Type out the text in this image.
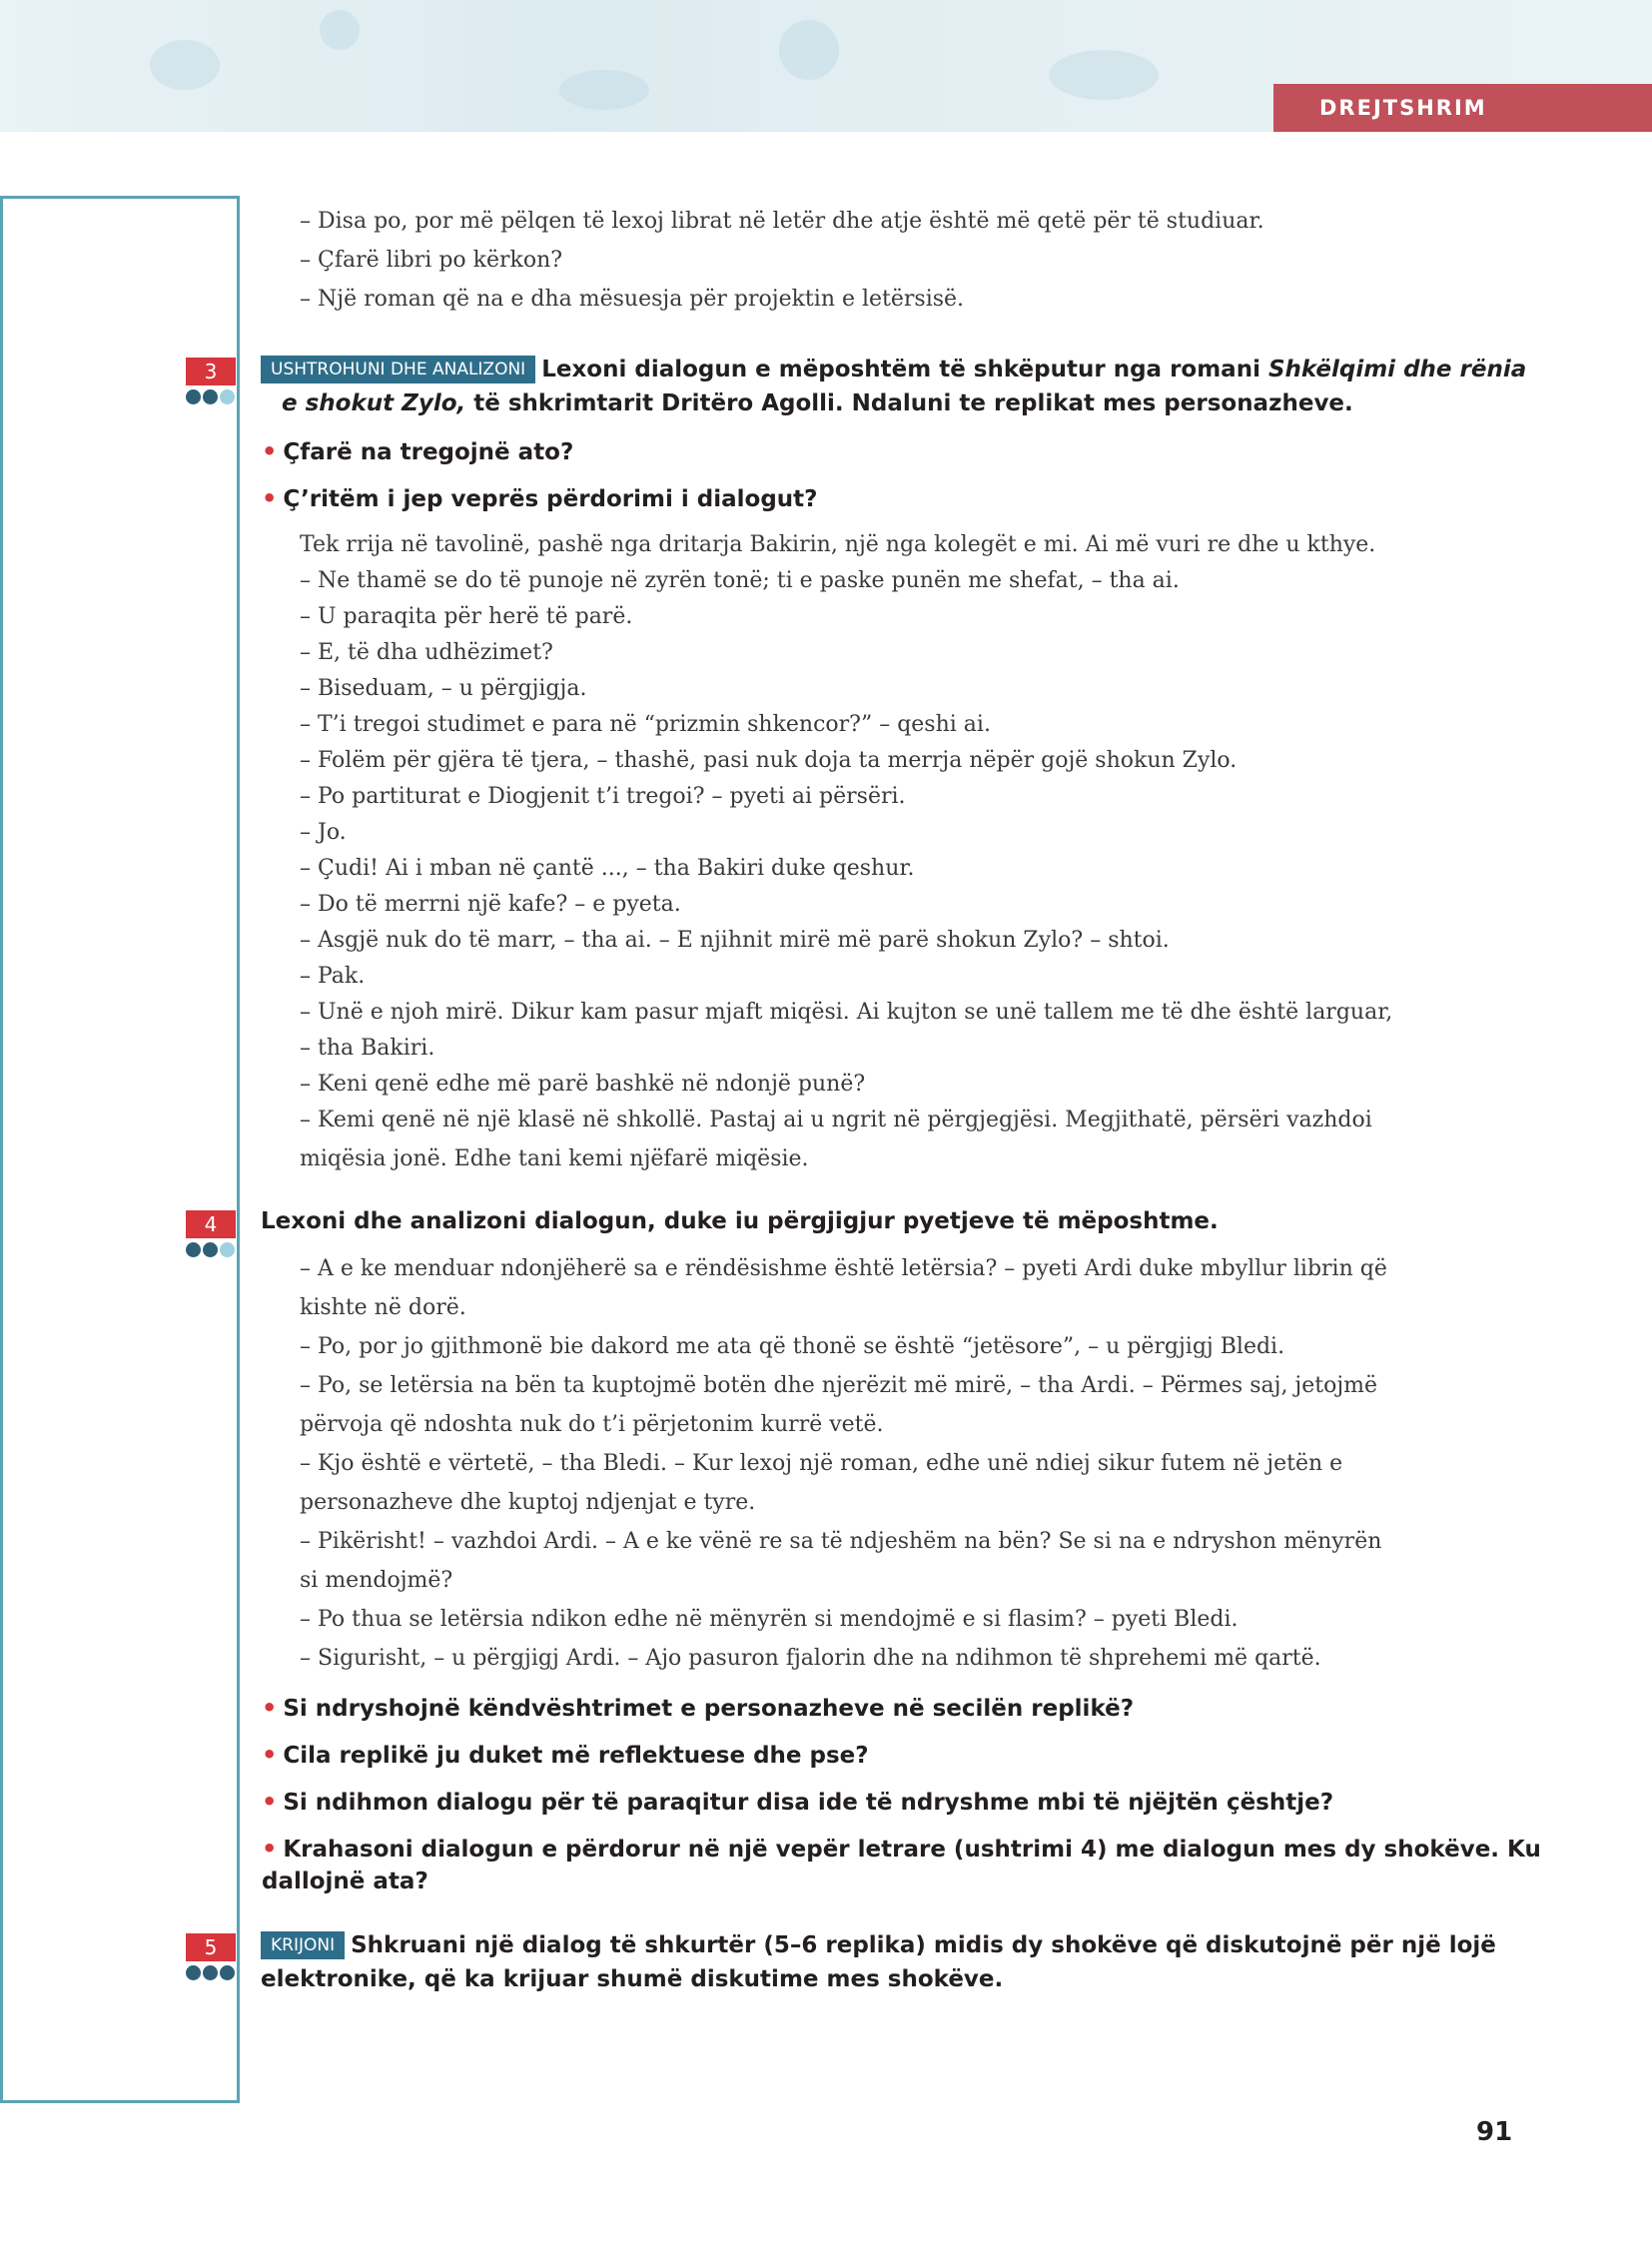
DREJTSHRIM
– Disa po, por më pëlqen të lexoj librat në letër dhe atje është më qetë për të studiuar.
– Çfarë libri po kërkon?
– Një roman që na e dha mësuesja për projektin e letërsisë.
3	USHTROHUNI DHE ANALIZONI Lexoni dialogun e mëposhtëm të shkëputur nga romani Shkëlqimi dhe rënia
e shokut Zylo, të shkrimtarit Dritëro Agolli. Ndaluni te replikat mes personazheve.
• Çfarë na tregojnë ato?
• Ç’ritëm i jep veprës përdorimi i dialogut?
Tek rrija në tavolinë, pashë nga dritarja Bakirin, një nga kolegët e mi. Ai më vuri re dhe u kthye.
– Ne thamë se do të punoje në zyrën tonë; ti e paske punën me shefat, – tha ai.
– U paraqita për herë të parë.
– E, të dha udhëzimet?
– Biseduam, – u përgjigja.
– T’i tregoi studimet e para në “prizmin shkencor?” – qeshi ai.
– Folëm për gjëra të tjera, – thashë, pasi nuk doja ta merrja nëpër gojë shokun Zylo.
– Po partiturat e Diogjenit t’i tregoi? – pyeti ai përsëri.
– Jo.
– Çudi! Ai i mban në çantë ..., – tha Bakiri duke qeshur.
– Do të merrni një kafe? – e pyeta.
– Asgjë nuk do të marr, – tha ai. – E njihnit mirë më parë shokun Zylo? – shtoi.
– Pak.
– Unë e njoh mirë. Dikur kam pasur mjaft miqësi. Ai kujton se unë tallem me të dhe është larguar,
– tha Bakiri.
– Keni qenë edhe më parë bashkë në ndonjë punë?
– Kemi qenë në një klasë në shkollë. Pastaj ai u ngrit në përgjegjësi. Megjithatë, përsëri vazhdoi
miqësia jonë. Edhe tani kemi njëfarë miqësie.
4	Lexoni dhe analizoni dialogun, duke iu përgjigjur pyetjeve të mëposhtme.
– A e ke menduar ndonjëherë sa e rëndësishme është letërsia? – pyeti Ardi duke mbyllur librin që
kishte në dorë.
– Po, por jo gjithmonë bie dakord me ata që thonë se është “jetësore”, – u përgjigj Bledi.
– Po, se letërsia na bën ta kuptojmë botën dhe njerëzit më mirë, – tha Ardi. – Përmes saj, jetojmë
përvoja që ndoshta nuk do t’i përjetonim kurrë vetë.
– Kjo është e vërtetë, – tha Bledi. – Kur lexoj një roman, edhe unë ndiej sikur futem në jetën e
personazheve dhe kuptoj ndjenjat e tyre.
– Pikërisht! – vazhdoi Ardi. – A e ke vënë re sa të ndjeshëm na bën? Se si na e ndryshon mënyrën
si mendojmë?
– Po thua se letërsia ndikon edhe në mënyrën si mendojmë e si flasim? – pyeti Bledi.
– Sigurisht, – u përgjigj Ardi. – Ajo pasuron fjalorin dhe na ndihmon të shprehemi më qartë.
• Si ndryshojnë këndvështrimet e personazheve në secilën replikë?
• Cila replikë ju duket më reflektuese dhe pse?
• Si ndihmon dialogu për të paraqitur disa ide të ndryshme mbi të njëjtën çështje?
• Krahasoni dialogun e përdorur në një vepër letrare (ushtrimi 4) me dialogun mes dy shokëve. Ku
dallojnë ata?
5	KRIJONI Shkruani një dialog të shkurtër (5–6 replika) midis dy shokëve që diskutojnë për një lojë
elektronike, që ka krijuar shumë diskutime mes shokëve.
91
